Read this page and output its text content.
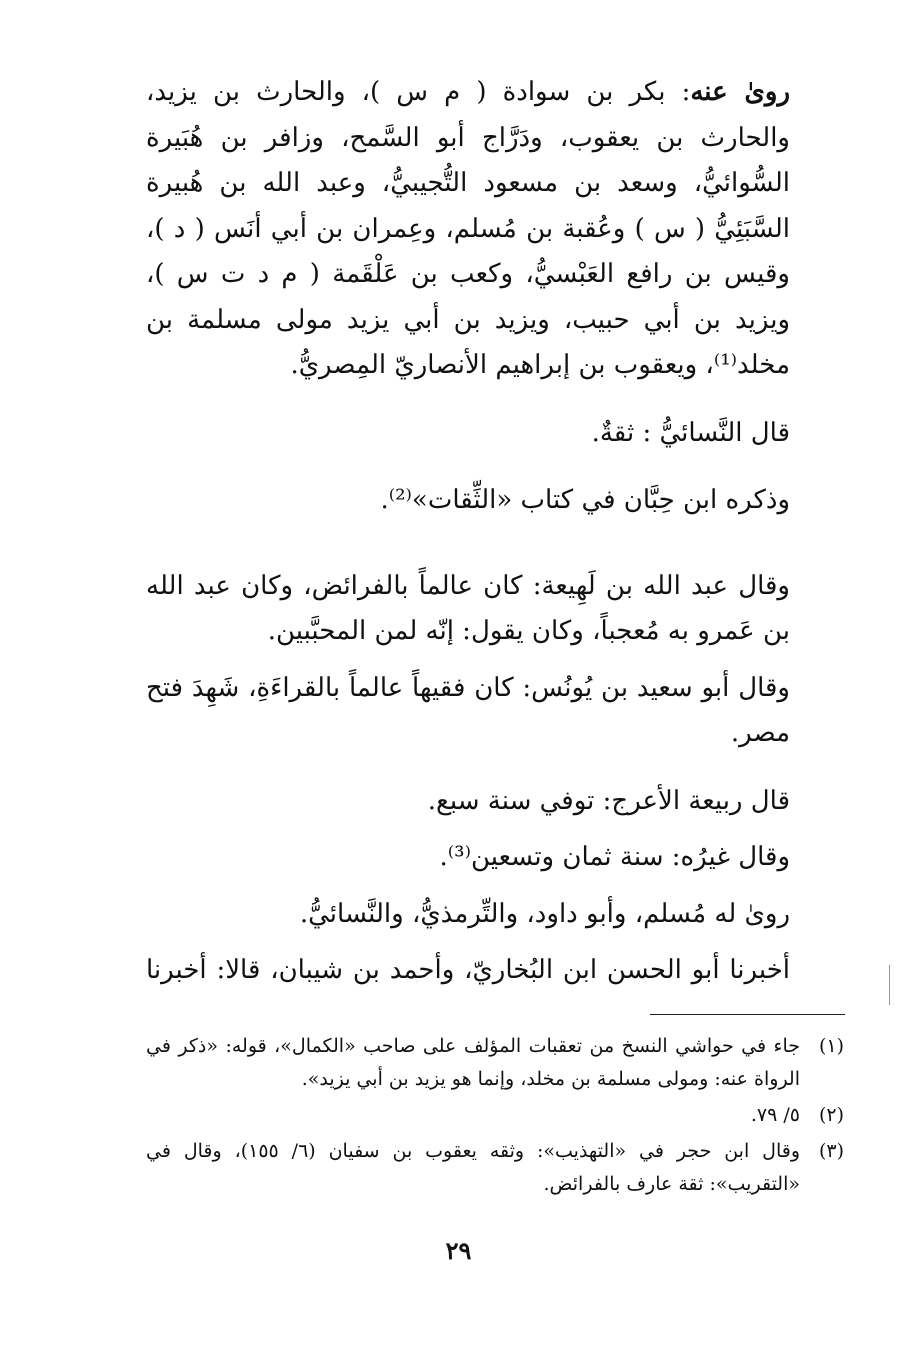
روىٰ عنه: بكر بن سوادة ( م س )، والحارث بن يزيد، والحارث بن يعقوب، ودَرَّاج أبو السَّمح، وزافر بن هُبَيرة السُّوائيُّ، وسعد بن مسعود التُّجيبيُّ، وعبد الله بن هُبيرة السَّبَئِيُّ ( س ) وعُقبة بن مُسلم، وعِمران بن أبي أنَس ( د )، وقيس بن رافع العَبْسيُّ، وكعب بن عَلْقَمة ( م د ت س )، ويزيد بن أبي حبيب، ويزيد بن أبي يزيد مولى مسلمة بن مخلد⁽¹⁾، ويعقوب بن إبراهيم الأنصاريّ المِصريُّ.

قال النَّسائيُّ : ثقةٌ.

وذكره ابن حِبَّان في كتاب «الثِّقات»⁽²⁾.

وقال عبد الله بن لَهِيعة: كان عالماً بالفرائض، وكان عبد الله بن عَمرو به مُعجباً، وكان يقول: إنّه لمن المحبَّبين.

وقال أبو سعيد بن يُونُس: كان فقيهاً عالماً بالقراءَةِ، شَهِدَ فتح مصر.

قال ربيعة الأعرج: توفي سنة سبع.

وقال غيرُه: سنة ثمان وتسعين⁽³⁾.

روىٰ له مُسلم، وأبو داود، والتِّرمذيُّ، والنَّسائيُّ.

أخبرنا أبو الحسن ابن البُخاريّ، وأحمد بن شيبان، قالا: أخبرنا

(١)
جاء في حواشي النسخ من تعقبات المؤلف على صاحب «الكمال»، قوله: «ذكر في الرواة عنه: ومولى مسلمة بن مخلد، وإنما هو يزيد بن أبي يزيد».
(٢)
٥/ ٧٩.
(٣)
وقال ابن حجر في «التهذيب»: وثقه يعقوب بن سفيان (٦/ ١٥٥)، وقال في «التقريب»: ثقة عارف بالفرائض.
٢٩
